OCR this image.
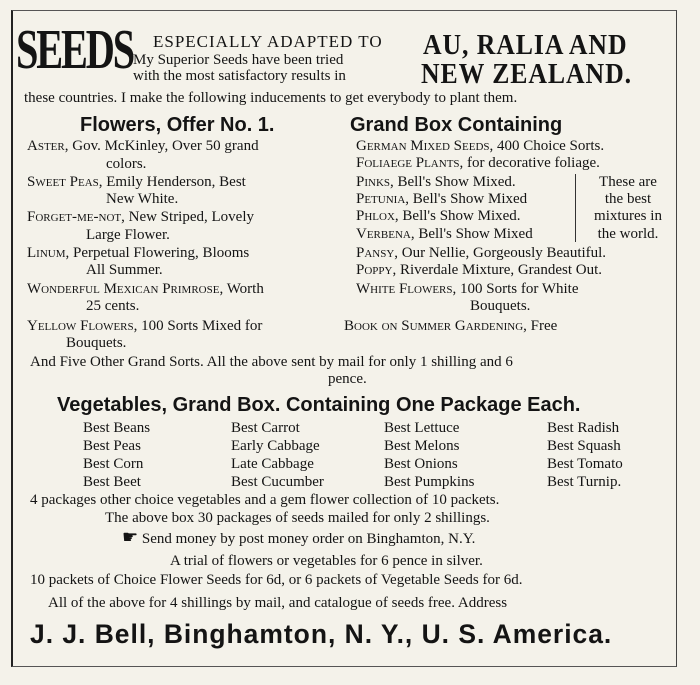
SEEDS ESPECIALLY ADAPTED TO
My Superior Seeds have been tried
with the most satisfactory results in
AU, RALIA AND
NEW ZEALAND.
these countries. I make the following inducements to get everybody to plant them.
Flowers, Offer No. 1.	Grand Box Containing
Aster, Gov. McKinley, Over 50 grand
colors.
Sweet Peas, Emily Henderson, Best
New White.
Forget-me-not, New Striped, Lovely
Large Flower.
Linum, Perpetual Flowering, Blooms
All Summer.
Wonderful Mexican Primrose, Worth
25 cents.
Yellow Flowers, 100 Sorts Mixed for
Bouquets.
German Mixed Seeds, 400 Choice Sorts.
Foliaege Plants, for decorative foliage.
Pinks, Bell's Show Mixed.
Petunia, Bell's Show Mixed
Phlox, Bell's Show Mixed.
Verbena, Bell's Show Mixed
Pansy, Our Nellie, Gorgeously Beautiful.
Poppy, Riverdale Mixture, Grandest Out.
White Flowers, 100 Sorts for White
Bouquets.
Book on Summer Gardening, Free
These are
the best
mixtures in
the world.
And Five Other Grand Sorts. All the above sent by mail for only 1 shilling and 6
pence.
Vegetables, Grand Box. Containing One Package Each.
Best Beans
Best Peas
Best Corn
Best Beet
Best Carrot
Early Cabbage
Late Cabbage
Best Cucumber
Best Lettuce
Best Melons
Best Onions
Best Pumpkins
Best Radish
Best Squash
Best Tomato
Best Turnip.
4 packages other choice vegetables and a gem flower collection of 10 packets.
The above box 30 packages of seeds mailed for only 2 shillings.
☛ Send money by post money order on Binghamton, N.Y.
A trial of flowers or vegetables for 6 pence in silver.
10 packets of Choice Flower Seeds for 6d, or 6 packets of Vegetable Seeds for 6d.
All of the above for 4 shillings by mail, and catalogue of seeds free. Address
J. J. Bell, Binghamton, N. Y., U. S. America.
